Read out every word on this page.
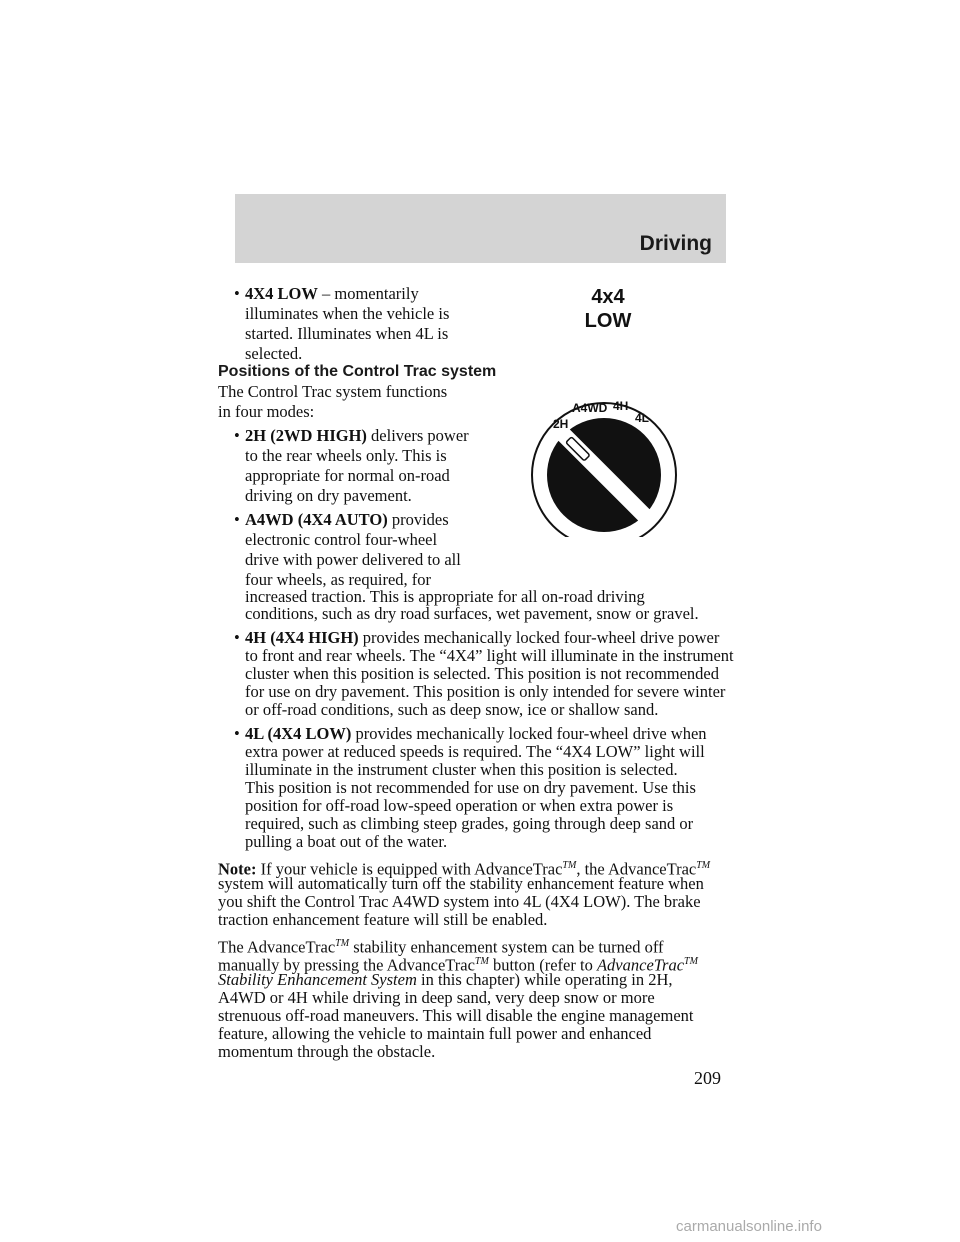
Driving
• 4X4 LOW – momentarily
illuminates when the vehicle is
started. Illuminates when 4L is
selected.
4x4
LOW
Positions of the Control Trac system
The Control Trac system functions
in four modes:
2H
A4WD 4H
4L
• 2H (2WD HIGH) delivers power
to the rear wheels only. This is
appropriate for normal on-road
driving on dry pavement.
• A4WD (4X4 AUTO) provides
electronic control four-wheel
drive with power delivered to all
four wheels, as required, for
increased traction. This is appropriate for all on-road driving
conditions, such as dry road surfaces, wet pavement, snow or gravel.
• 4H (4X4 HIGH) provides mechanically locked four-wheel drive power
to front and rear wheels. The “4X4” light will illuminate in the instrument
cluster when this position is selected. This position is not recommended
for use on dry pavement. This position is only intended for severe winter
or off-road conditions, such as deep snow, ice or shallow sand.
• 4L (4X4 LOW) provides mechanically locked four-wheel drive when
extra power at reduced speeds is required. The “4X4 LOW” light will
illuminate in the instrument cluster when this position is selected.
This position is not recommended for use on dry pavement. Use this
position for off-road low-speed operation or when extra power is
required, such as climbing steep grades, going through deep sand or
pulling a boat out of the water.
Note: If your vehicle is equipped with AdvanceTrac™, the AdvanceTrac™
system will automatically turn off the stability enhancement feature when
you shift the Control Trac A4WD system into 4L (4X4 LOW). The brake
traction enhancement feature will still be enabled.
The AdvanceTrac™ stability enhancement system can be turned off
manually by pressing the AdvanceTrac™ button (refer to AdvanceTrac™
Stability Enhancement System in this chapter) while operating in 2H,
A4WD or 4H while driving in deep sand, very deep snow or more
strenuous off-road maneuvers. This will disable the engine management
feature, allowing the vehicle to maintain full power and enhanced
momentum through the obstacle.
209
carmanualsonline.info
